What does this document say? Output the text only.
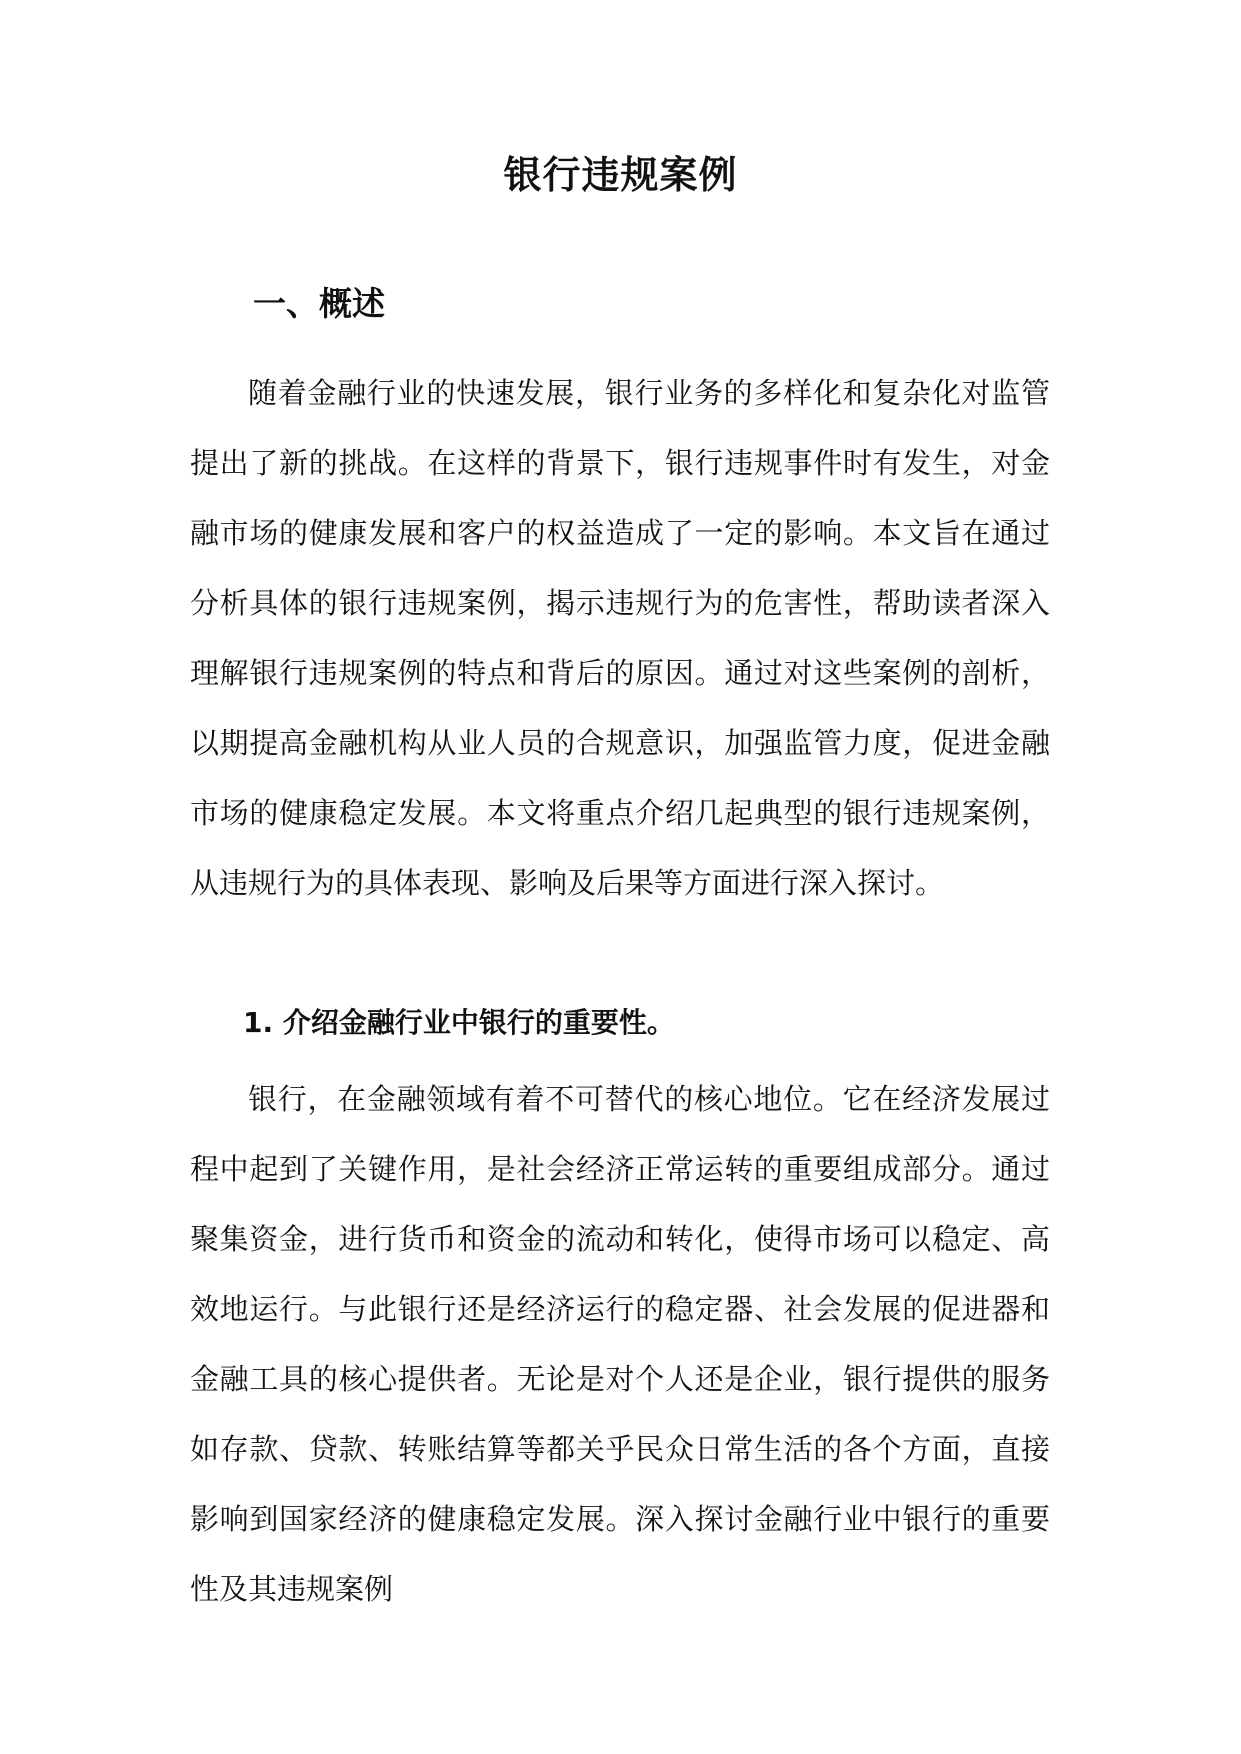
银行违规案例
一、概述

随着金融行业的快速发展，银行业务的多样化和复杂化对监管提出了新的挑战。在这样的背景下，银行违规事件时有发生，对金融市场的健康发展和客户的权益造成了一定的影响。本文旨在通过分析具体的银行违规案例，揭示违规行为的危害性，帮助读者深入理解银行违规案例的特点和背后的原因。通过对这些案例的剖析，以期提高金融机构从业人员的合规意识，加强监管力度，促进金融市场的健康稳定发展。本文将重点介绍几起典型的银行违规案例，从违规行为的具体表现、影响及后果等方面进行深入探讨。

1. 介绍金融行业中银行的重要性。

银行，在金融领域有着不可替代的核心地位。它在经济发展过程中起到了关键作用，是社会经济正常运转的重要组成部分。通过聚集资金，进行货币和资金的流动和转化，使得市场可以稳定、高效地运行。与此银行还是经济运行的稳定器、社会发展的促进器和金融工具的核心提供者。无论是对个人还是企业，银行提供的服务如存款、贷款、转账结算等都关乎民众日常生活的各个方面，直接影响到国家经济的健康稳定发展。深入探讨金融行业中银行的重要性及其违规案例
